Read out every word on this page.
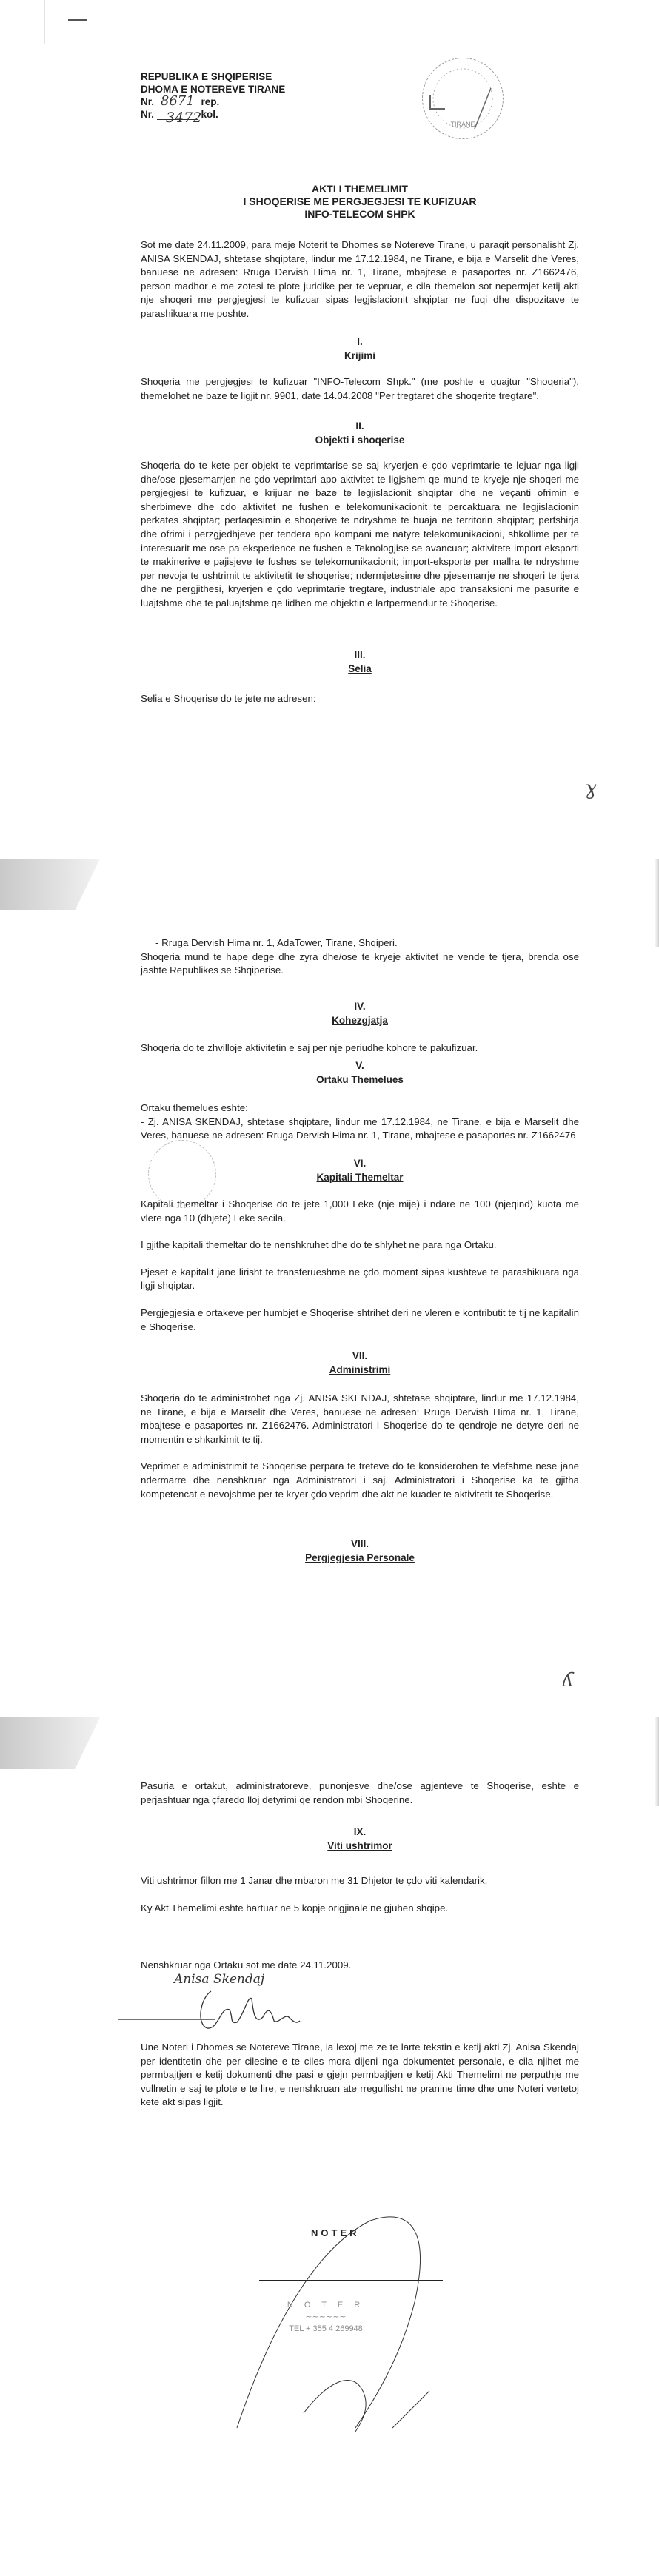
REPUBLIKA E SHQIPERISE
DHOMA E NOTEREVE TIRANE
Nr. 8671 rep.
Nr.	kol.
3472	TIRANE
AKTI I THEMELIMIT
I SHOQERISE ME PERGJEGJESI TE KUFIZUAR
INFO-TELECOM SHPK

Sot me date 24.11.2009, para meje Noterit te Dhomes se Notereve Tirane, u paraqit personalisht Zj. ANISA SKENDAJ, shtetase shqiptare, lindur me 17.12.1984, ne Tirane, e bija e Marselit dhe Veres, banuese ne adresen: Rruga Dervish Hima nr. 1, Tirane, mbajtese e pasaportes nr. Z1662476, person madhor e me zotesi te plote juridike per te vepruar, e cila themelon sot nepermjet ketij akti nje shoqeri me pergjegjesi te kufizuar sipas legjislacionit shqiptar ne fuqi dhe dispozitave te parashikuara me poshte.

I.
Krijimi

Shoqeria me pergjegjesi te kufizuar "INFO-Telecom Shpk." (me poshte e quajtur "Shoqeria"), themelohet ne baze te ligjit nr. 9901, date 14.04.2008 "Per tregtaret dhe shoqerite tregtare".

II.
Objekti i shoqerise

Shoqeria do te kete per objekt te veprimtarise se saj kryerjen e çdo veprimtarie te lejuar nga ligji dhe/ose pjesemarrjen ne çdo veprimtari apo aktivitet te ligjshem qe mund te kryeje nje shoqeri me pergjegjesi te kufizuar, e krijuar ne baze te legjislacionit shqiptar dhe ne veçanti ofrimin e sherbimeve dhe cdo aktivitet ne fushen e telekomunikacionit te percaktuara ne legjislacionin perkates shqiptar; perfaqesimin e shoqerive te ndryshme te huaja ne territorin shqiptar; perfshirja dhe ofrimi i perzgjedhjeve per tendera apo kompani me natyre telekomunikacioni, shkollime per te interesuarit me ose pa eksperience ne fushen e Teknologjise se avancuar; aktivitete import eksporti te makinerive e pajisjeve te fushes se telekomunikacionit; import-eksporte per mallra te ndryshme per nevoja te ushtrimit te aktivitetit te shoqerise; ndermjetesime dhe pjesemarrje ne shoqeri te tjera dhe ne pergjithesi, kryerjen e çdo veprimtarie tregtare, industriale apo transaksioni me pasurite e luajtshme dhe te paluajtshme qe lidhen me objektin e lartpermendur te Shoqerise.

III.
Selia

Selia e Shoqerise do te jete ne adresen:

ɣ

- Rruga Dervish Hima nr. 1, AdaTower, Tirane, Shqiperi.

Shoqeria mund te hape dege dhe zyra dhe/ose te kryeje aktivitet ne vende te tjera, brenda ose jashte Republikes se Shqiperise.

IV.
Kohezgjatja

Shoqeria do te zhvilloje aktivitetin e saj per nje periudhe kohore te pakufizuar.

V.
Ortaku Themelues

Ortaku themelues eshte:

- Zj. ANISA SKENDAJ, shtetase shqiptare, lindur me 17.12.1984, ne Tirane, e bija e Marselit dhe Veres, banuese ne adresen: Rruga Dervish Hima nr. 1, Tirane, mbajtese e pasaportes nr. Z1662476

VI.
Kapitali Themeltar

Kapitali themeltar i Shoqerise do te jete 1,000 Leke (nje mije) i ndare ne 100 (njeqind) kuota me vlere nga 10 (dhjete) Leke secila.

I gjithe kapitali themeltar do te nenshkruhet dhe do te shlyhet ne para nga Ortaku.

Pjeset e kapitalit jane lirisht te transferueshme ne çdo moment sipas kushteve te parashikuara nga ligji shqiptar.

Pergjegjesia e ortakeve per humbjet e Shoqerise shtrihet deri ne vleren e kontributit te tij ne kapitalin e Shoqerise.

VII.
Administrimi

Shoqeria do te administrohet nga Zj. ANISA SKENDAJ, shtetase shqiptare, lindur me 17.12.1984, ne Tirane, e bija e Marselit dhe Veres, banuese ne adresen: Rruga Dervish Hima nr. 1, Tirane, mbajtese e pasaportes nr. Z1662476. Administratori i Shoqerise do te qendroje ne detyre deri ne momentin e shkarkimit te tij.

Veprimet e administrimit te Shoqerise perpara te treteve do te konsiderohen te vlefshme nese jane ndermarre dhe nenshkruar nga Administratori i saj. Administratori i Shoqerise ka te gjitha kompetencat e nevojshme per te kryer çdo veprim dhe akt ne kuader te aktivitetit te Shoqerise.

VIII.
Pergjegjesia Personale
ʎ

Pasuria e ortakut, administratoreve, punonjesve dhe/ose agjenteve te Shoqerise, eshte e perjashtuar nga çfaredo lloj detyrimi qe rendon mbi Shoqerine.

IX.
Viti ushtrimor

Viti ushtrimor fillon me 1 Janar dhe mbaron me 31 Dhjetor te çdo viti kalendarik.

Ky Akt Themelimi eshte hartuar ne 5 kopje origjinale ne gjuhen shqipe.

Nenshkruar nga Ortaku sot me date 24.11.2009.

Anisa Skendaj

Une Noteri i Dhomes se Notereve Tirane, ia lexoj me ze te larte tekstin e ketij akti Zj. Anisa Skendaj per identitetin dhe per cilesine e te ciles mora dijeni nga dokumentet personale, e cila njihet me permbajtjen e ketij dokumenti dhe pasi e gjejn permbajtjen e ketij Akti Themelimi ne perputhje me vullnetin e saj te plote e te lire, e nenshkruan ate rregullisht ne pranine time dhe une Noteri vertetoj kete akt sipas ligjit.

NOTER
N O T E R
~~~~~~
TEL + 355 4 269948
